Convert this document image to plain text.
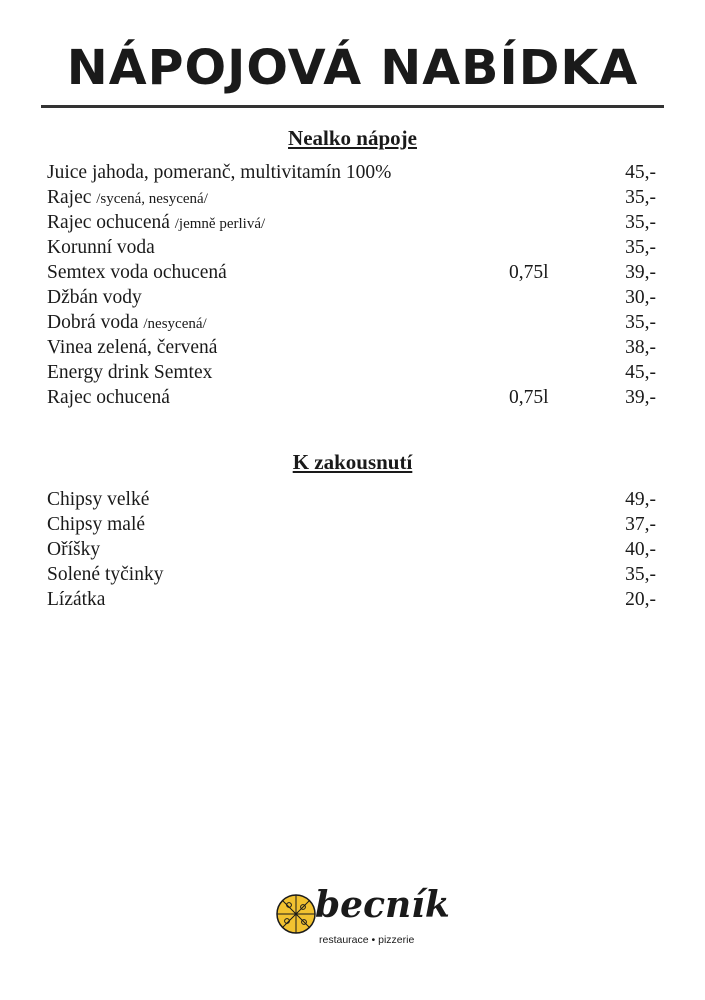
NÁPOJOVÁ NABÍDKA
Nealko nápoje
Juice jahoda, pomeranč, multivitamín 100%	45,-
Rajec /sycená, nesycená/	35,-
Rajec ochucená /jemně perlivá/	35,-
Korunní voda	35,-
Semtex voda ochucená	0,75l	39,-
Džbán vody	30,-
Dobrá voda /nesycená/	35,-
Vinea zelená, červená	38,-
Energy drink Semtex	45,-
Rajec ochucená	0,75l	39,-
K zakousnutí
Chipsy velké	49,-
Chipsy malé	37,-
Oříšky	40,-
Solené tyčinky	35,-
Lízátka	20,-
becník
restaurace • pizzerie
